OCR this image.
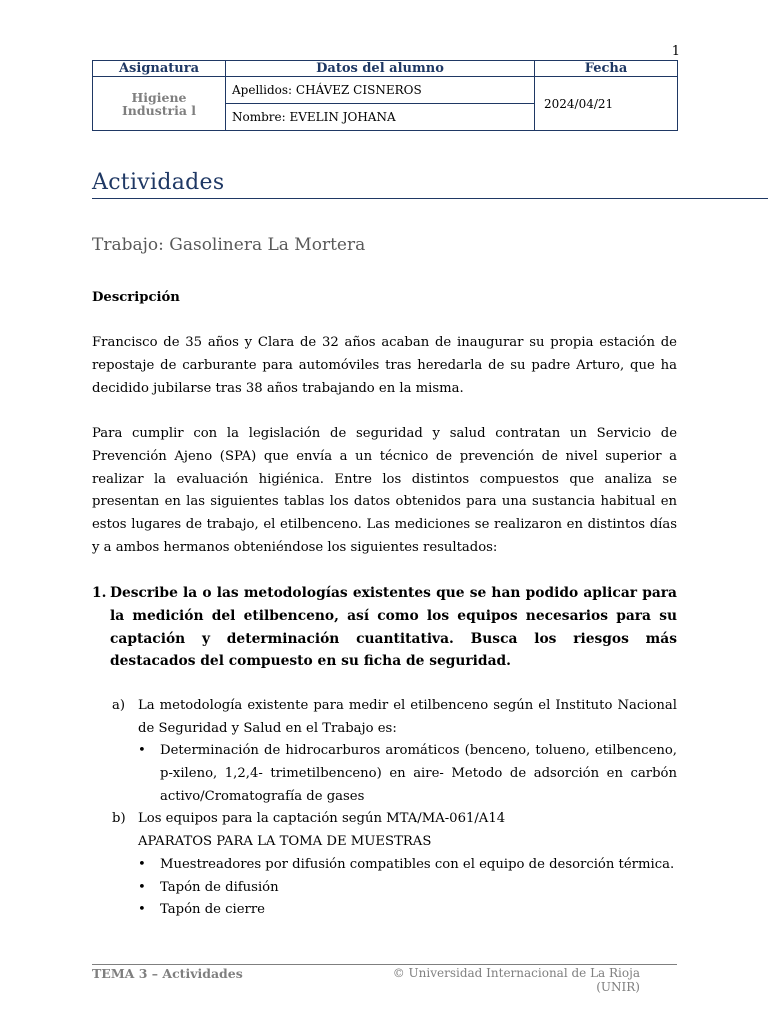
1
Asignatura	Datos del alumno	Fecha
Higiene Industria l	Apellidos: CHÁVEZ CISNEROS	2024/04/21
	Nombre: EVELIN JOHANA	
Actividades
Trabajo: Gasolinera La Mortera

Descripción

Francisco de 35 años y Clara de 32 años acaban de inaugurar su propia estación de repostaje de carburante para automóviles tras heredarla de su padre Arturo, que ha decidido jubilarse tras 38 años trabajando en la misma.

Para cumplir con la legislación de seguridad y salud contratan un Servicio de Prevención Ajeno (SPA) que envía a un técnico de prevención de nivel superior a realizar la evaluación higiénica. Entre los distintos compuestos que analiza se presentan en las siguientes tablas los datos obtenidos para una sustancia habitual en estos lugares de trabajo, el etilbenceno. Las mediciones se realizaron en distintos días y a ambos hermanos obteniéndose los siguientes resultados:

1. Describe la o las metodologías existentes que se han podido aplicar para la medición del etilbenceno, así como los equipos necesarios para su captación y determinación cuantitativa. Busca los riesgos más destacados del compuesto en su ficha de seguridad.
a) La metodología existente para medir el etilbenceno según el Instituto Nacional de Seguridad y Salud en el Trabajo es:

•	Determinación de hidrocarburos aromáticos (benceno, tolueno, etilbenceno, p-xileno, 1,2,4- trimetilbenceno) en aire- Metodo de adsorción en carbón activo/Cromatografía de gases
b) Los equipos para la captación según MTA/MA-061/A14

APARATOS PARA LA TOMA DE MUESTRAS

•	Muestreadores por difusión compatibles con el equipo de desorción térmica.
•	Tapón de difusión
•	Tapón de cierre
TEMA 3 – Actividades	© Universidad Internacional de La Rioja (UNIR)
